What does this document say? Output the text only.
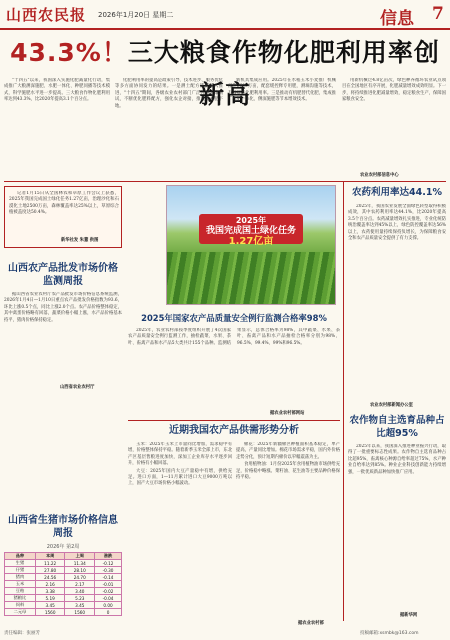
山西农民报 2026年1月20日 星期二	信息 7
43.3%！三大粮食作物化肥利用率创新高

"十四五"以来，我国深入实施化肥减量化行动，集成推广大粮测深施肥、水肥一体化、种肥同播等技术模式，科学施肥水平进一步提高。三大粮食作物化肥利用率达到43.3%，比2020年提高3.1个百分点。

化肥利用率的提高是政策引导、技术进步、服务优化等多方面协同发力的结果。一是测土配方施肥深入推进，"十四五"期间，各级农业农村部门广泛开展土壤测试，不断优化肥料配方，强化农企对接，推进配方肥下地。

新机具集成应用。2025年在水稻玉米小麦推广机械深施2600万亩，配套缓控释专用肥，测墒沟施等技术，有效提高化肥利用率。三是推动有机肥替代化肥，集成推广水肥一体化、侧深施肥等节本增效技术。

用新机械过4.8亿亩次，绿色种养循环农业试点项目在全国地区有序开展，化肥减量增效成效明显。下一步，将持续推进化肥减量增效，稳定粮食生产，保障国家粮食安全。

农业农村部信息中心

记者1月15日从全国林农和草原工作会议上获悉，2025年我国完成国土绿化任务1.27亿亩，治理沙化和石漠化土地2500万亩，森林覆盖率达25%以上，草原综合植被盖度达50.4%。

新华社发 朱薏 供图
2025年
我国完成国土绿化任务
1.27亿亩
山西农产品批发市场价格监测周报

据山西省农业农村厅农产品批发市场价格信息系统监测，2026年1月4日—1月10日重点农产品批发价格指数为93.6，环比上涨0.5个点，同比上涨2.0个点。农产品价格整体稳定，其中禽蛋价格略有回落，蔬菜价格小幅上涨，水产品价格基本持平，猪肉价格保持稳定。

山西省农业农村厅
2025年国家农产品质量安全例行监测合格率98%

2025年，农业农村部按季度组织开展了4次国家农产品质量安全例行监测工作，抽检蔬菜、水果、茶叶、畜禽产品和水产品5大类共计155个品种。监测结果显示，总体合格率为98%，其中蔬菜、水果、茶叶、畜禽产品和水产品抽检合格率分别为98%、96.5%、99.4%、99%和96.5%。

据农业农村部网站
近期我国农产品供需形势分析

玉米：2025年玉米上市量同比增加，需求稳中有增，价格整体保持平稳。随着新季玉米全部上市，东北产区基层售粮进度加快，深加工企业库存水平逐步回升，价格有小幅回落。

大豆：2025年国内大豆产量稳中有增，供给充足。进口方面，1—11月累计进口大豆9000万吨以上，国产大豆市场价格小幅波动。

棉花：2025年新疆棉区种植面积基本稳定，单产提高，产量同比增加。棉花市场需求平稳，国内外价格走势分化，预计短期内棉价以窄幅震荡为主。

食用植物油：1月份2025年食用植物油市场供给充足，价格稳中略涨。菜籽油、花生油等主要品种价格保持平稳。

据农业农村部
山西省生猪市场价格信息周报
2026年 第2周
品种	本周	上周	涨跌
生猪	11.22	11.34	-0.12
仔猪	27.80	28.10	-0.30
猪肉	24.56	24.70	-0.14
玉米	2.16	2.17	-0.01
豆粕	3.38	3.40	-0.02
猪粮比	5.19	5.23	-0.04
饲料	3.45	3.45	0.00
二元母	1560	1560	0
农药利用率达44.1%

2025年，我国农业发展全面绿色转型取得积极成效，其中农药利用率达44.1%，比2020年提高3.5个百分点。农药减量增效扎实推进，专业化统防统治覆盖率达到45%以上，绿色防控覆盖率达56%以上，农药使用量持续保持负增长，为保障粮食安全和农产品质量安全提供了有力支撑。

农业农村部新闻办公室
农作物自主选育品种占比超95%

2025年以来，我国深入推进种业振兴行动，取得了一批重要标志性成果。农作物自主选育品种占比超95%，畜禽核心种源自给率超过75%，水产种业自给率达到85%。种业企业科技创新能力持续增强，一批优质新品种加快推广应用。

据新华网
责任编辑：张丽芳	投稿邮箱:xsmbk@163.com
